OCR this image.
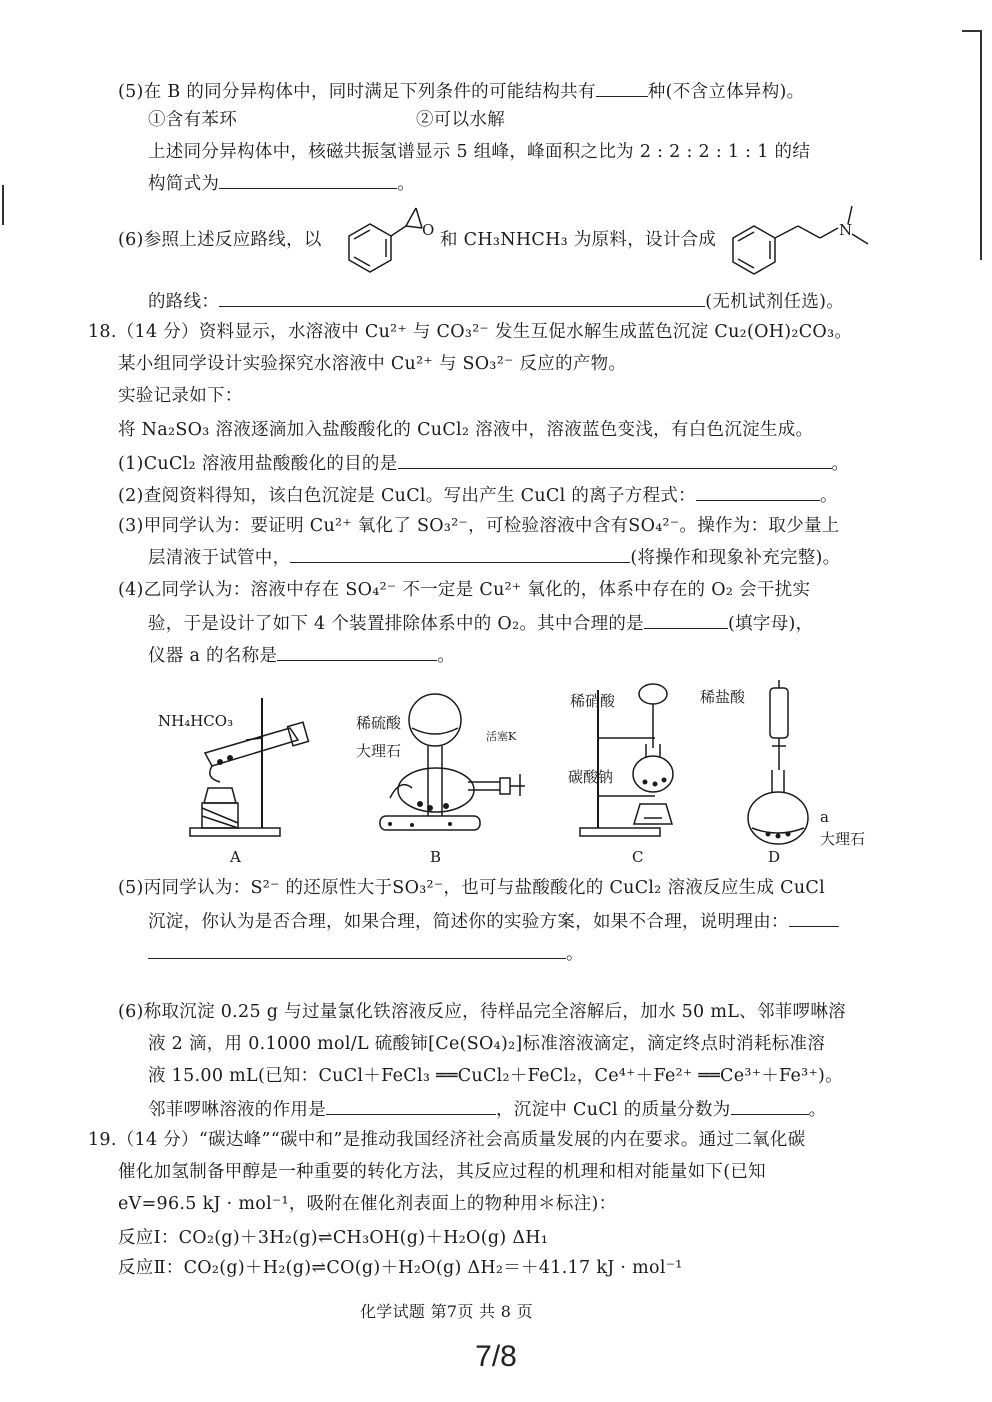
(5)在 B 的同分异构体中，同时满足下列条件的可能结构共有	种(不含立体异构)。
①含有苯环	②可以水解
上述同分异构体中，核磁共振氢谱显示 5 组峰，峰面积之比为 2 : 2 : 2 : 1 : 1 的结
构简式为	。
(6)参照上述反应路线，以	O 和 CH₃NHCH₃ 为原料，设计合成	N
的路线：	(无机试剂任选)。
18.（14 分）资料显示，水溶液中 Cu²⁺ 与 CO₃²⁻ 发生互促水解生成蓝色沉淀 Cu₂(OH)₂CO₃。
某小组同学设计实验探究水溶液中 Cu²⁺ 与 SO₃²⁻ 反应的产物。
实验记录如下：
将 Na₂SO₃ 溶液逐滴加入盐酸酸化的 CuCl₂ 溶液中，溶液蓝色变浅，有白色沉淀生成。
(1)CuCl₂ 溶液用盐酸酸化的目的是	。
(2)查阅资料得知，该白色沉淀是 CuCl。写出产生 CuCl 的离子方程式：	。
(3)甲同学认为：要证明 Cu²⁺ 氧化了 SO₃²⁻，可检验溶液中含有SO₄²⁻。操作为：取少量上
层清液于试管中，	(将操作和现象补充完整)。
(4)乙同学认为：溶液中存在 SO₄²⁻ 不一定是 Cu²⁺ 氧化的，体系中存在的 O₂ 会干扰实
验，于是设计了如下 4 个装置排除体系中的 O₂。其中合理的是	(填字母)，
仪器 a 的名称是	。
NH₄HCO₃	稀硫酸
活塞K
大理石
稀硝酸
碳酸钠
稀盐酸
a
大理石
A	B	C	D
(5)丙同学认为：S²⁻ 的还原性大于SO₃²⁻，也可与盐酸酸化的 CuCl₂ 溶液反应生成 CuCl
沉淀，你认为是否合理，如果合理，简述你的实验方案，如果不合理，说明理由：
。
(6)称取沉淀 0.25 g 与过量氯化铁溶液反应，待样品完全溶解后，加水 50 mL、邻菲啰啉溶
液 2 滴，用 0.1000 mol/L 硫酸铈[Ce(SO₄)₂]标准溶液滴定，滴定终点时消耗标准溶
液 15.00 mL(已知：CuCl＋FeCl₃ ══CuCl₂＋FeCl₂，Ce⁴⁺＋Fe²⁺ ══Ce³⁺＋Fe³⁺)。
邻菲啰啉溶液的作用是	，沉淀中 CuCl 的质量分数为	。
19.（14 分）“碳达峰”“碳中和”是推动我国经济社会高质量发展的内在要求。通过二氧化碳
催化加氢制备甲醇是一种重要的转化方法，其反应过程的机理和相对能量如下(已知
eV=96.5 kJ · mol⁻¹，吸附在催化剂表面上的物种用＊标注)：
反应Ⅰ：CO₂(g)＋3H₂(g)⇌CH₃OH(g)＋H₂O(g) ΔH₁
反应Ⅱ：CO₂(g)＋H₂(g)⇌CO(g)＋H₂O(g) ΔH₂＝＋41.17 kJ · mol⁻¹
化学试题 第7页 共 8 页
7/8
